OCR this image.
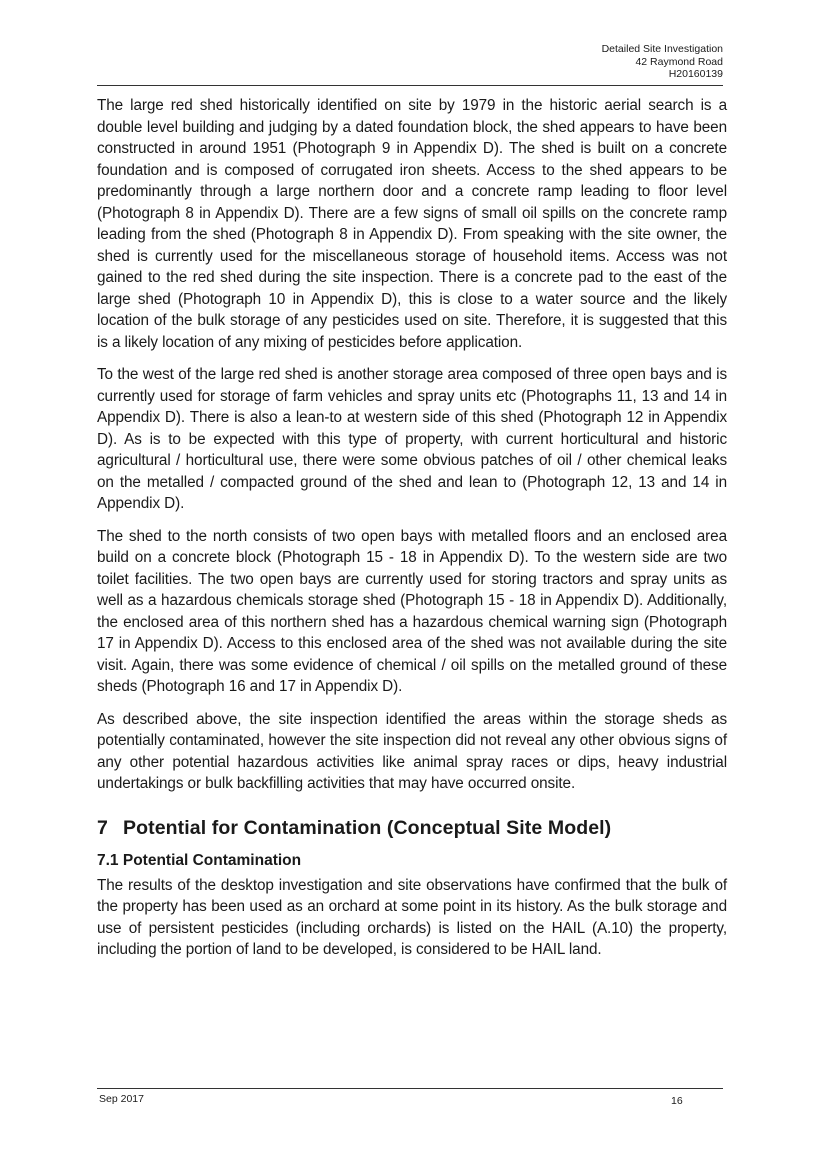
Detailed Site Investigation
42 Raymond Road
H20160139

The large red shed historically identified on site by 1979 in the historic aerial search is a double level building and judging by a dated foundation block, the shed appears to have been constructed in around 1951 (Photograph 9 in Appendix D). The shed is built on a concrete foundation and is composed of corrugated iron sheets. Access to the shed appears to be predominantly through a large northern door and a concrete ramp leading to floor level (Photograph 8 in Appendix D). There are a few signs of small oil spills on the concrete ramp leading from the shed (Photograph 8 in Appendix D). From speaking with the site owner, the shed is currently used for the miscellaneous storage of household items. Access was not gained to the red shed during the site inspection. There is a concrete pad to the east of the large shed (Photograph 10 in Appendix D), this is close to a water source and the likely location of the bulk storage of any pesticides used on site. Therefore, it is suggested that this is a likely location of any mixing of pesticides before application.

To the west of the large red shed is another storage area composed of three open bays and is currently used for storage of farm vehicles and spray units etc (Photographs 11, 13 and 14 in Appendix D). There is also a lean-to at western side of this shed (Photograph 12 in Appendix D). As is to be expected with this type of property, with current horticultural and historic agricultural / horticultural use, there were some obvious patches of oil / other chemical leaks on the metalled / compacted ground of the shed and lean to (Photograph 12, 13 and 14 in Appendix D).

The shed to the north consists of two open bays with metalled floors and an enclosed area build on a concrete block (Photograph 15 - 18 in Appendix D). To the western side are two toilet facilities. The two open bays are currently used for storing tractors and spray units as well as a hazardous chemicals storage shed (Photograph 15 - 18 in Appendix D). Additionally, the enclosed area of this northern shed has a hazardous chemical warning sign (Photograph 17 in Appendix D). Access to this enclosed area of the shed was not available during the site visit. Again, there was some evidence of chemical / oil spills on the metalled ground of these sheds (Photograph 16 and 17 in Appendix D).

As described above, the site inspection identified the areas within the storage sheds as potentially contaminated, however the site inspection did not reveal any other obvious signs of any other potential hazardous activities like animal spray races or dips, heavy industrial undertakings or bulk backfilling activities that may have occurred onsite.

7 Potential for Contamination (Conceptual Site Model)
7.1 Potential Contamination

The results of the desktop investigation and site observations have confirmed that the bulk of the property has been used as an orchard at some point in its history. As the bulk storage and use of persistent pesticides (including orchards) is listed on the HAIL (A.10) the property, including the portion of land to be developed, is considered to be HAIL land.

Sep 2017	16
